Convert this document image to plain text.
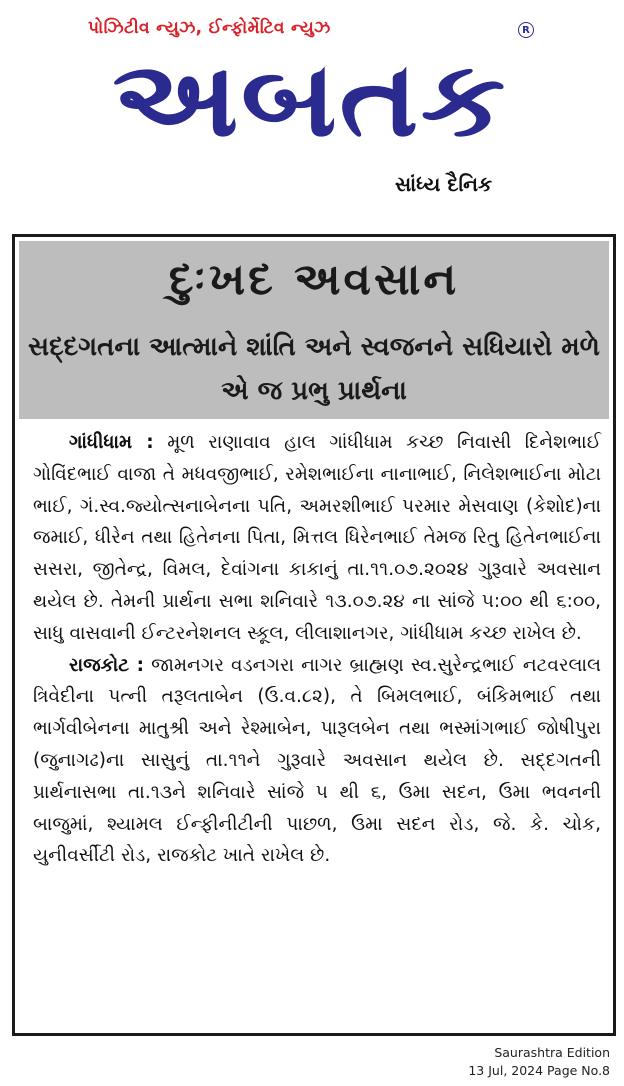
પોઝિટીવ ન્યુઝ, ઈન્ફોર્મેટિવ ન્યુઝ
અબતક
R
સાંધ્ય દૈનિક
દુઃખદ અવસાન
સદ્દગતના આત્માને શાંતિ અને સ્વજનને સધિયારો મળે એ જ પ્રભુ પ્રાર્થના

ગાંધીધામ : મૂળ રાણાવાવ હાલ ગાંધીધામ કચ્છ નિવાસી દિનેશભાઈ ગોવિંદભાઈ વાજા તે મધવજીભાઈ, રમેશભાઈના નાનાભાઈ, નિલેશભાઈના મોટા ભાઈ, ગં.સ્વ.જ્યોત્સનાબેનના પતિ, અમરશીભાઈ પરમાર મેસવાણ (કેશોદ)ના જમાઈ, ધીરેન તથા હિતેનના પિતા, મિત્તલ ધિરેનભાઈ તેમજ રિતુ હિતેનભાઈના સસરા, જીતેન્દ્ર, વિમલ, દેવાંગના કાકાનું તા.૧૧.૦૭.૨૦૨૪ ગુરૂવારે અવસાન થયેલ છે. તેમની પ્રાર્થના સભા શનિવારે ૧૩.૦૭.૨૪ ના સાંજે ૫:૦૦ થી ૬:૦૦, સાધુ વાસવાની ઈન્ટરનેશનલ સ્કૂલ, લીલાશાનગર, ગાંધીધામ કચ્છ રાખેલ છે.

રાજકોટ : જામનગર વડનગરા નાગર બ્રાહ્મણ સ્વ.સુરેન્દ્રભાઈ નટવરલાલ ત્રિવેદીના પત્ની તરૂલતાબેન (ઉ.વ.૮૨), તે બિમલભાઈ, બંકિમભાઈ તથા ભાર્ગવીબેનના માતુશ્રી અને રેશ્માબેન, પારૂલબેન તથા ભસ્માંગભાઈ જોષીપુરા (જુનાગઢ)ના સાસુનું તા.૧૧ને ગુરૂવારે અવસાન થયેલ છે. સદ્દગતની પ્રાર્થનાસભા તા.૧૩ને શનિવારે સાંજે ૫ થી ૬, ઉમા સદન, ઉમા ભવનની બાજુમાં, શ્યામલ ઈન્ફીનીટીની પાછળ, ઉમા સદન રોડ, જે. કે. ચોક, યુનીવર્સીટી રોડ, રાજકોટ ખાતે રાખેલ છે.

Saurashtra Edition
13 Jul, 2024 Page No.8
